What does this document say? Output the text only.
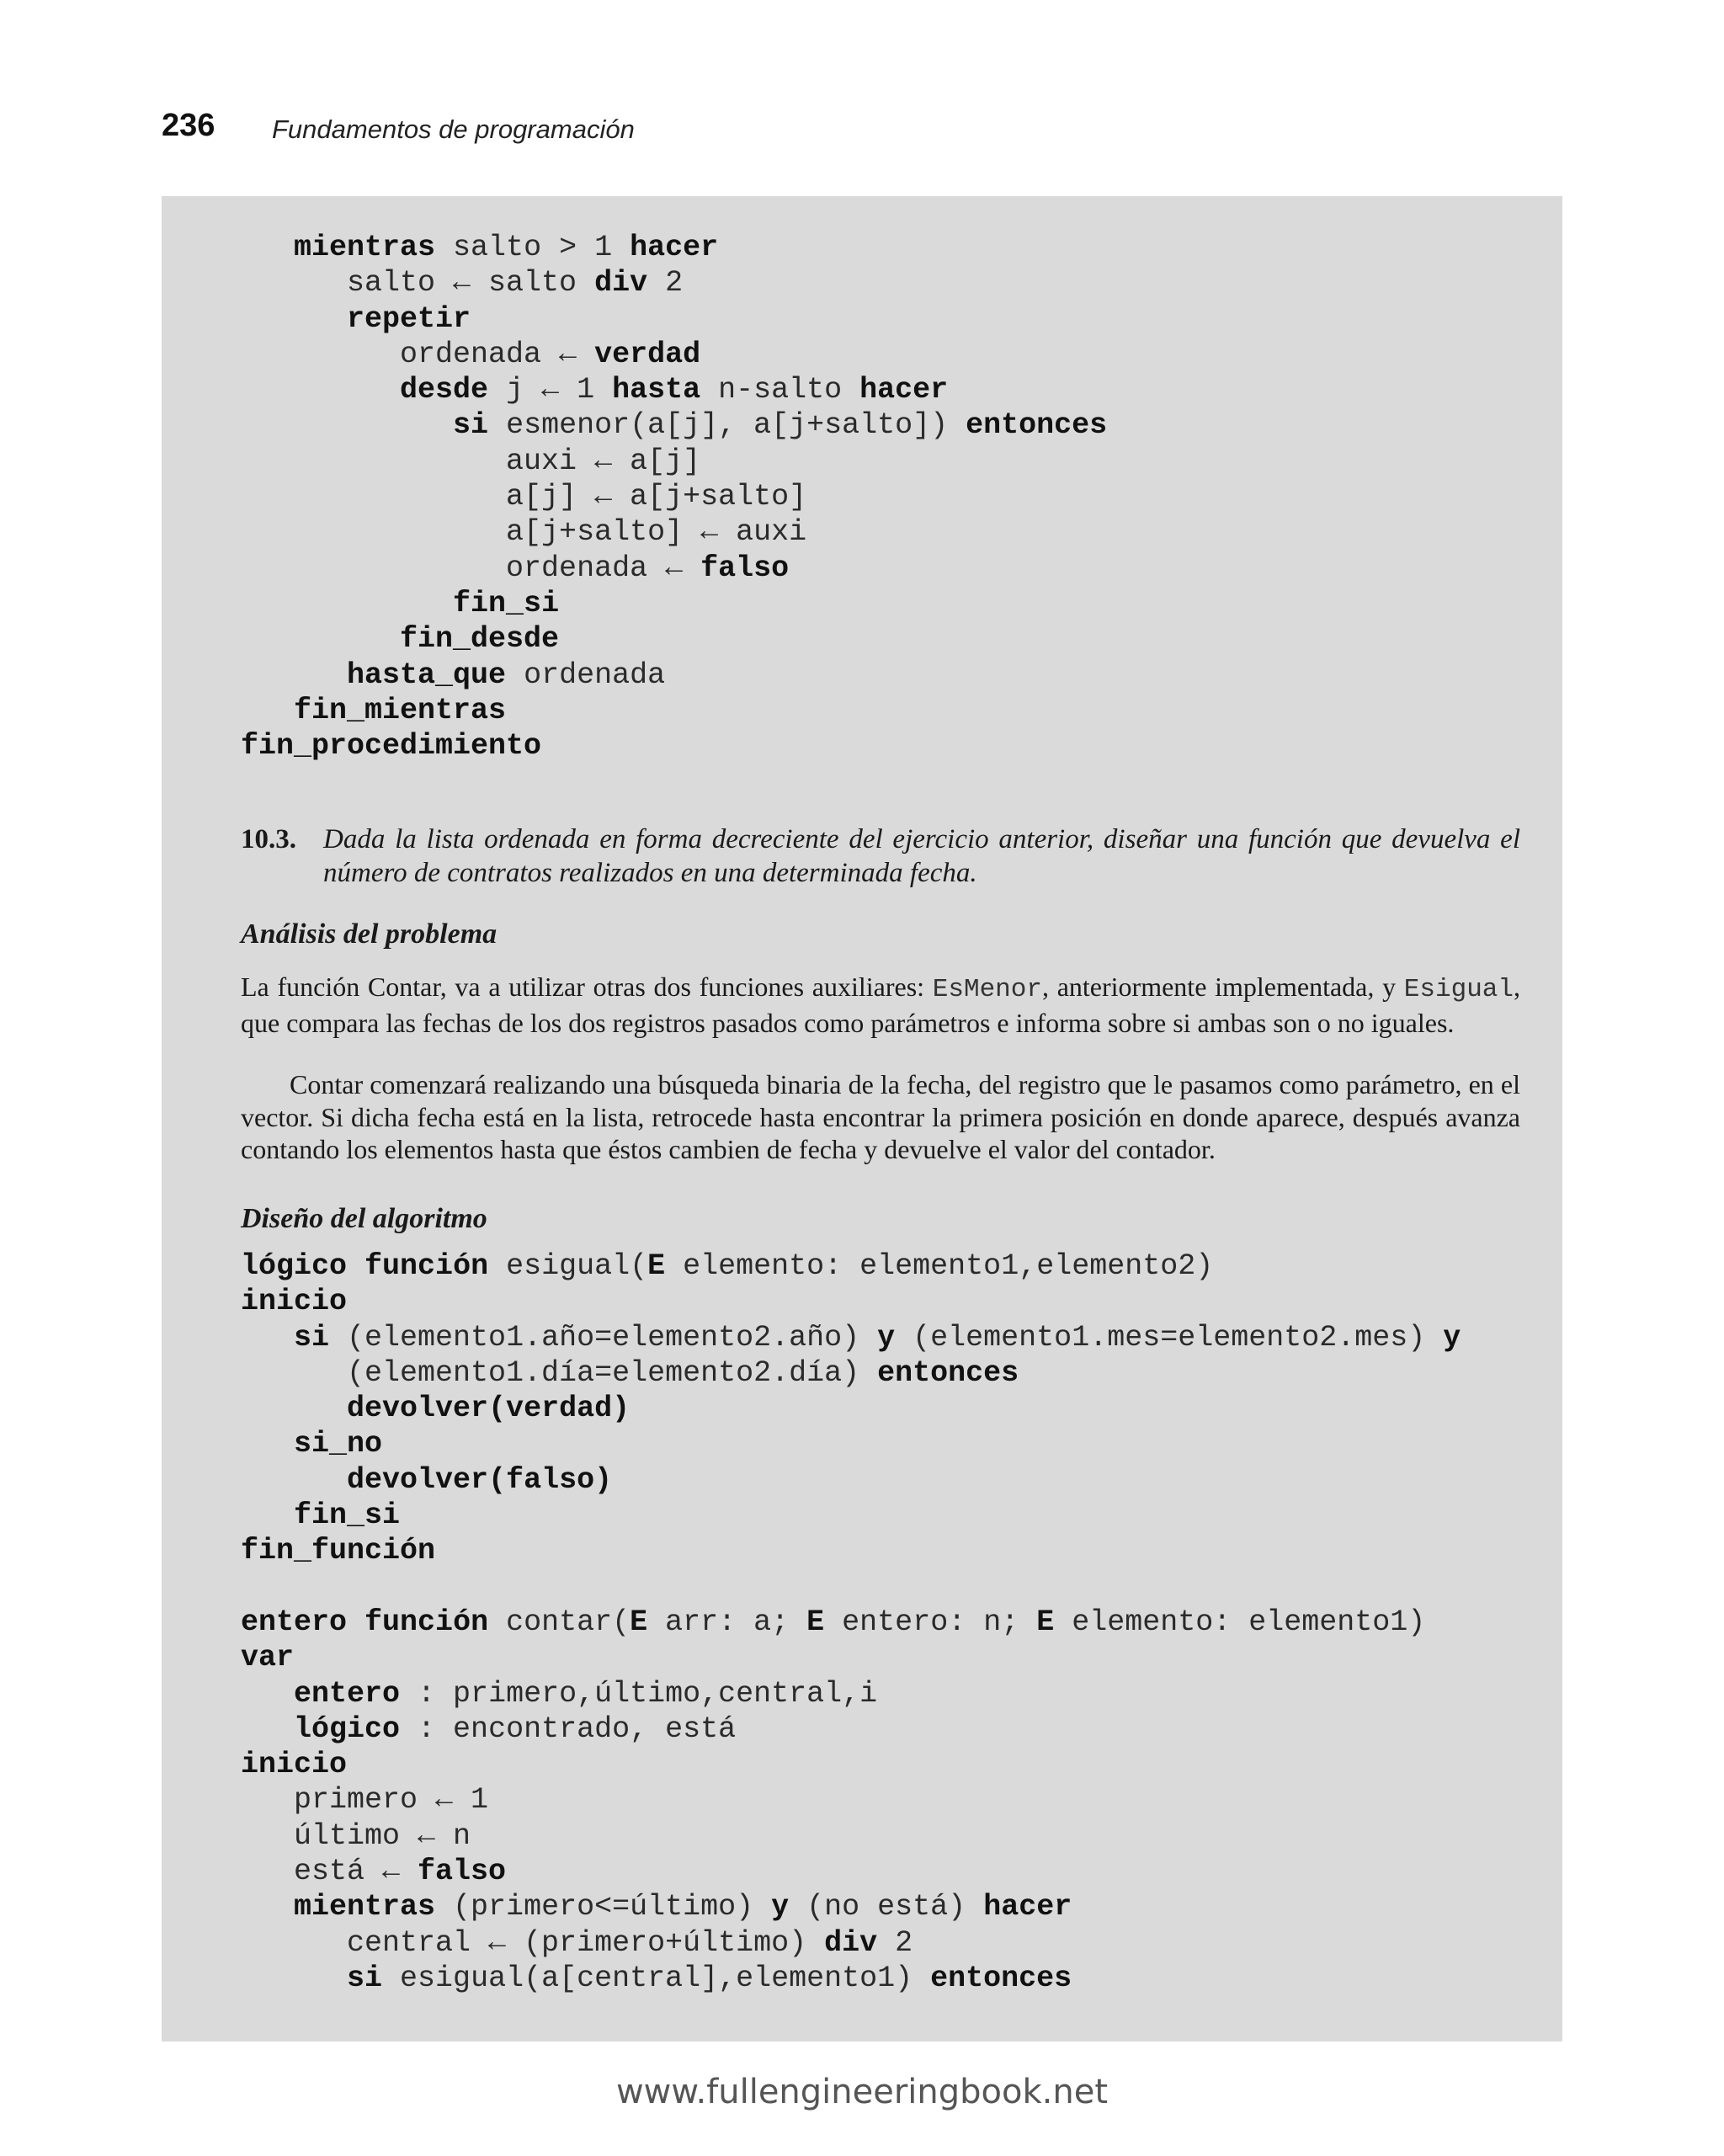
236 Fundamentos de programación
mientras salto > 1 hacer
salto ← salto div 2
repetir
ordenada ← verdad
desde j ← 1 hasta n-salto hacer
si esmenor(a[j], a[j+salto]) entonces
auxi ← a[j]
a[j] ← a[j+salto]
a[j+salto] ← auxi
ordenada ← falso
fin_si
fin_desde
hasta_que ordenada
fin_mientras
fin_procedimiento

10.3. Dada la lista ordenada en forma decreciente del ejercicio anterior, diseñar una función que devuelva el número de contratos realizados en una determinada fecha.
Análisis del problema
La función Contar, va a utilizar otras dos funciones auxiliares: EsMenor, anteriormente implementada, y Esigual, que compara las fechas de los dos registros pasados como parámetros e informa sobre si ambas son o no iguales.
Contar comenzará realizando una búsqueda binaria de la fecha, del registro que le pasamos como parámetro, en el vector. Si dicha fecha está en la lista, retrocede hasta encontrar la primera posición en donde aparece, después avanza contando los elementos hasta que éstos cambien de fecha y devuelve el valor del contador.
Diseño del algoritmo
lógico función esigual(E elemento: elemento1,elemento2)
inicio
si (elemento1.año=elemento2.año) y (elemento1.mes=elemento2.mes) y
(elemento1.día=elemento2.día) entonces
devolver(verdad)
si_no
devolver(falso)
fin_si
fin_función

entero función contar(E arr: a; E entero: n; E elemento: elemento1)
var
entero : primero,último,central,i
lógico : encontrado, está
inicio
primero ← 1
último ← n
está ← falso
mientras (primero<=último) y (no está) hacer
central ← (primero+último) div 2
si esigual(a[central],elemento1) entonces

www.fullengineeringbook.net
